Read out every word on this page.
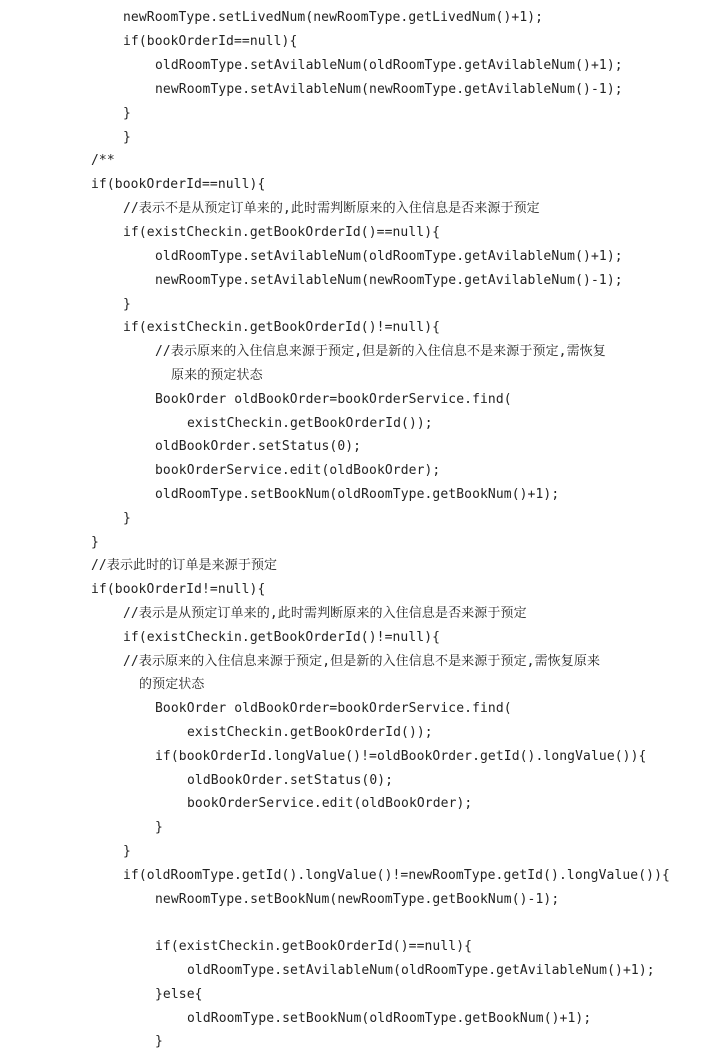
newRoomType.setLivedNum(newRoomType.getLivedNum()+1);
if(bookOrderId==null){
oldRoomType.setAvilableNum(oldRoomType.getAvilableNum()+1);
newRoomType.setAvilableNum(newRoomType.getAvilableNum()-1);
}
}
/**
if(bookOrderId==null){
//表示不是从预定订单来的,此时需判断原来的入住信息是否来源于预定
if(existCheckin.getBookOrderId()==null){
oldRoomType.setAvilableNum(oldRoomType.getAvilableNum()+1);
newRoomType.setAvilableNum(newRoomType.getAvilableNum()-1);
}
if(existCheckin.getBookOrderId()!=null){
//表示原来的入住信息来源于预定,但是新的入住信息不是来源于预定,需恢复
原来的预定状态
BookOrder oldBookOrder=bookOrderService.find(
existCheckin.getBookOrderId());
oldBookOrder.setStatus(0);
bookOrderService.edit(oldBookOrder);
oldRoomType.setBookNum(oldRoomType.getBookNum()+1);
}
}
//表示此时的订单是来源于预定
if(bookOrderId!=null){
//表示是从预定订单来的,此时需判断原来的入住信息是否来源于预定
if(existCheckin.getBookOrderId()!=null){
//表示原来的入住信息来源于预定,但是新的入住信息不是来源于预定,需恢复原来
的预定状态
BookOrder oldBookOrder=bookOrderService.find(
existCheckin.getBookOrderId());
if(bookOrderId.longValue()!=oldBookOrder.getId().longValue()){
oldBookOrder.setStatus(0);
bookOrderService.edit(oldBookOrder);
}
}
if(oldRoomType.getId().longValue()!=newRoomType.getId().longValue()){
newRoomType.setBookNum(newRoomType.getBookNum()-1);
if(existCheckin.getBookOrderId()==null){
oldRoomType.setAvilableNum(oldRoomType.getAvilableNum()+1);
}else{
oldRoomType.setBookNum(oldRoomType.getBookNum()+1);
}
